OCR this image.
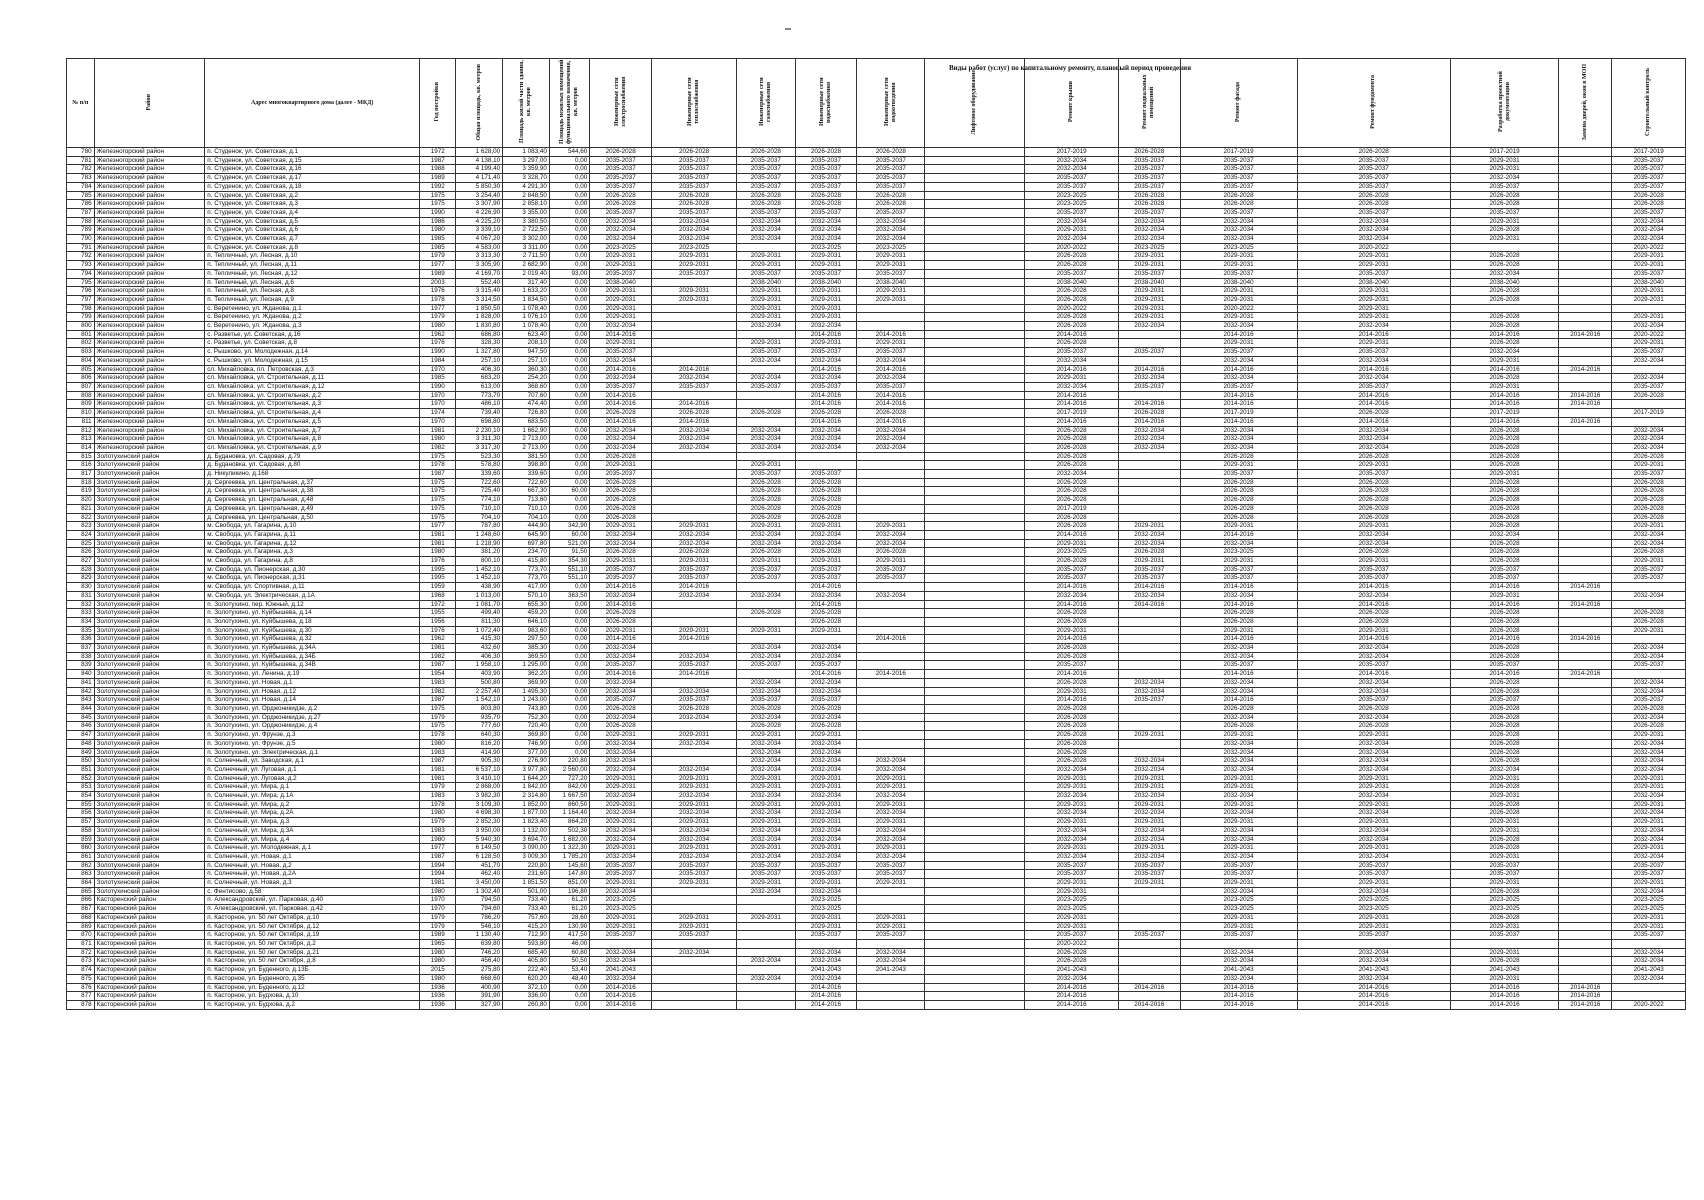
Виды работ (услуг) по капитальному ремонту, плановый период проведения
№ п/п	Район	Адрес многоквартирного дома (далее - МКД)	Год постройки	Общая площадь, кв. метров	Площадь жилой части здания, кв. метров	Площадь нежилых помещений функционального назначения, кв. метров	Инженерные сети электроснабжения	Инженерные сети теплоснабжения	Инженерные сети газоснабжения	Инженерные сети водоснабжения	Инженерные сети водоотведения	Лифтовое оборудование	Ремонт крыши	Ремонт подвальных помещений	Ремонт фасада	Ремонт фундамента	Разработка проектной документации	Замена дверей, окон в МОП	Строительный контроль
780	Железногорский район	п. Студенок, ул. Советская, д.1	1972	1 628,00	1 083,40	544,60	2026-2028	2026-2028	2026-2028	2026-2028	2026-2028		2017-2019	2026-2028	2017-2019	2026-2028	2017-2019		2017-2019
781	Железногорский район	п. Студенок, ул. Советская, д.15	1987	4 138,10	3 297,00	0,00	2035-2037	2035-2037	2035-2037	2035-2037	2035-2037		2032-2034	2035-2037	2035-2037	2035-2037	2029-2031		2035-2037
782	Железногорский район	п. Студенок, ул. Советская, д.16	1988	4 199,40	3 359,90	0,00	2035-2037	2035-2037	2035-2037	2035-2037	2035-2037		2032-2034	2035-2037	2035-2037	2035-2037	2029-2031		2035-2037
783	Железногорский район	п. Студенок, ул. Советская, д.17	1989	4 171,40	3 328,70	0,00	2035-2037	2035-2037	2035-2037	2035-2037	2035-2037		2035-2037	2035-2037	2035-2037	2035-2037	2032-2034		2035-2037
784	Железногорский район	п. Студенок, ул. Советская, д.18	1992	5 850,30	4 291,30	0,00	2035-2037	2035-2037	2035-2037	2035-2037	2035-2037		2035-2037	2035-2037	2035-2037	2035-2037	2035-2037		2035-2037
785	Железногорский район	п. Студенок, ул. Советская, д.2	1975	3 254,40	2 848,50	0,00	2026-2028	2026-2028	2026-2028	2026-2028	2026-2028		2023-2025	2026-2028	2026-2028	2026-2028	2026-2028		2026-2028
786	Железногорский район	п. Студенок, ул. Советская, д.3	1975	3 307,90	2 858,10	0,00	2026-2028	2026-2028	2026-2028	2026-2028	2026-2028		2023-2025	2026-2028	2026-2028	2026-2028	2026-2028		2026-2028
787	Железногорский район	п. Студенок, ул. Советская, д.4	1990	4 226,90	3 355,00	0,00	2035-2037	2035-2037	2035-2037	2035-2037	2035-2037		2035-2037	2035-2037	2035-2037	2035-2037	2035-2037		2035-2037
788	Железногорский район	п. Студенок, ул. Советская, д.5	1986	4 225,20	3 380,50	0,00	2032-2034	2032-2034	2032-2034	2032-2034	2032-2034		2032-2034	2032-2034	2032-2034	2032-2034	2029-2031		2032-2034
789	Железногорский район	п. Студенок, ул. Советская, д.6	1980	3 339,10	2 722,50	0,00	2032-2034	2032-2034	2032-2034	2032-2034	2032-2034		2029-2031	2032-2034	2032-2034	2032-2034	2026-2028		2032-2034
790	Железногорский район	п. Студенок, ул. Советская, д.7	1985	4 067,20	3 302,00	0,00	2032-2034	2032-2034	2032-2034	2032-2034	2032-2034		2032-2034	2032-2034	2032-2034	2032-2034	2029-2031		2032-2034
791	Железногорский район	п. Студенок, ул. Советская, д.8	1985	4 583,00	3 311,00	0,00	2023-2025	2023-2025		2023-2025	2023-2025		2020-2022	2023-2025	2023-2025	2020-2022			2020-2022
792	Железногорский район	п. Тепличный, ул. Лесная, д.10	1979	3 313,30	2 711,50	0,00	2029-2031	2029-2031	2029-2031	2029-2031	2029-2031		2026-2028	2029-2031	2029-2031	2029-2031	2026-2028		2029-2031
793	Железногорский район	п. Тепличный, ул. Лесная, д.11	1977	3 305,90	2 682,90	0,00	2029-2031	2029-2031	2029-2031	2029-2031	2029-2031		2026-2028	2029-2031	2029-2031	2029-2031	2026-2028		2029-2031
794	Железногорский район	п. Тепличный, ул. Лесная, д.12	1989	4 169,70	2 019,40	93,00	2035-2037	2035-2037	2035-2037	2035-2037	2035-2037		2035-2037	2035-2037	2035-2037	2035-2037	2032-2034		2035-2037
795	Железногорский район	п. Тепличный, ул. Лесная, д.6	2003	552,40	317,40	0,00	2038-2040		2038-2040	2038-2040	2038-2040		2038-2040	2038-2040	2038-2040	2038-2040	2038-2040		2038-2040
796	Железногорский район	п. Тепличный, ул. Лесная, д.8	1976	3 315,40	1 633,20	0,00	2029-2031	2029-2031	2029-2031	2029-2031	2029-2031		2026-2028	2029-2031	2029-2031	2029-2031	2026-2028		2029-2031
797	Железногорский район	п. Тепличный, ул. Лесная, д.9	1978	3 314,50	1 834,50	0,00	2029-2031	2029-2031	2029-2031	2029-2031	2029-2031		2026-2028	2029-2031	2029-2031	2029-2031	2026-2028		2029-2031
798	Железногорский район	с. Веретенино, ул. Жданова, д.1	1977	1 850,50	1 078,40	0,00	2029-2031		2029-2031	2029-2031			2020-2022	2029-2031	2020-2022	2029-2031			
799	Железногорский район	с. Веретенино, ул. Жданова, д.2	1979	1 828,00	1 076,10	0,00	2029-2031		2029-2031	2029-2031			2026-2028	2029-2031	2029-2031	2029-2031	2026-2028		2029-2031
800	Железногорский район	с. Веретенино, ул. Жданова, д.3	1980	1 830,80	1 078,40	0,00	2032-2034		2032-2034	2032-2034			2026-2028	2032-2034	2032-2034	2032-2034	2026-2028		2032-2034
801	Железногорский район	с. Разветье, ул. Советская, д.16	1962	686,80	623,40	0,00	2014-2016			2014-2016	2014-2016		2014-2016		2014-2016	2014-2016	2014-2016	2014-2016	2020-2022
802	Железногорский район	с. Разветье, ул. Советская, д.8	1976	328,30	208,10	0,00	2029-2031		2029-2031	2029-2031	2029-2031		2026-2028		2029-2031	2029-2031	2026-2028		2029-2031
803	Железногорский район	с. Рышково, ул. Молодежная, д.14	1990	1 327,80	947,50	0,00	2035-2037		2035-2037	2035-2037	2035-2037		2035-2037	2035-2037	2035-2037	2035-2037	2032-2034		2035-2037
804	Железногорский район	с. Рышково, ул. Молодежная, д.15	1984	257,10	257,10	0,00	2032-2034		2032-2034	2032-2034	2032-2034		2032-2034		2032-2034	2032-2034	2029-2031		2032-2034
805	Железногорский район	сл. Михайловка, пл. Петровская, д.3	1970	406,30	360,30	0,00	2014-2016	2014-2016		2014-2016	2014-2016		2014-2016	2014-2016	2014-2016	2014-2016	2014-2016	2014-2016	
806	Железногорский район	сл. Михайловка, ул. Строительная, д.11	1985	683,20	254,20	0,00	2032-2034	2032-2034	2032-2034	2032-2034	2032-2034		2029-2031	2032-2034	2032-2034	2032-2034	2026-2028		2032-2034
807	Железногорский район	сл. Михайловка, ул. Строительная, д.12	1990	613,00	368,60	0,00	2035-2037	2035-2037	2035-2037	2035-2037	2035-2037		2032-2034	2035-2037	2035-2037	2035-2037	2029-2031		2035-2037
808	Железногорский район	сл. Михайловка, ул. Строительная, д.2	1970	773,70	707,60	0,00	2014-2016			2014-2016	2014-2016		2014-2016		2014-2016	2014-2016	2014-2016	2014-2016	2026-2028
809	Железногорский район	сл. Михайловка, ул. Строительная, д.3	1970	486,10	474,40	0,00	2014-2016	2014-2016		2014-2016	2014-2016		2014-2016	2014-2016	2014-2016	2014-2016	2014-2016	2014-2016	
810	Железногорский район	сл. Михайловка, ул. Строительная, д.4	1974	739,40	726,80	0,00	2026-2028	2026-2028	2026-2028	2026-2028	2026-2028		2017-2019	2026-2028	2017-2019	2026-2028	2017-2019		2017-2019
811	Железногорский район	сл. Михайловка, ул. Строительная, д.5	1970	698,80	683,50	0,00	2014-2016	2014-2016		2014-2016	2014-2016		2014-2016	2014-2016	2014-2016	2014-2016	2014-2016	2014-2016	
812	Железногорский район	сл. Михайловка, ул. Строительная, д.7	1981	2 230,10	1 662,90	0,00	2032-2034	2032-2034	2032-2034	2032-2034	2032-2034		2026-2028	2032-2034	2032-2034	2032-2034	2026-2028		2032-2034
813	Железногорский район	сл. Михайловка, ул. Строительная, д.8	1980	3 311,30	2 713,00	0,00	2032-2034	2032-2034	2032-2034	2032-2034	2032-2034		2026-2028	2032-2034	2032-2034	2032-2034	2026-2028		2032-2034
814	Железногорский район	сл. Михайловка, ул. Строительная, д.9	1982	3 317,30	2 713,00	0,00	2032-2034	2032-2034	2032-2034	2032-2034	2032-2034		2026-2028	2032-2034	2032-2034	2032-2034	2026-2028		2032-2034
815	Золотухинский район	д. Будановка, ул. Садовая, д.79	1975	523,30	381,50	0,00	2026-2028						2026-2028		2026-2028	2026-2028	2026-2028		2026-2028
816	Золотухинский район	д. Будановка, ул. Садовая, д.80	1978	578,80	398,80	0,00	2029-2031		2029-2031				2026-2028		2029-2031	2029-2031	2026-2028		2029-2031
817	Золотухинский район	д. Никуликино, д.168	1987	339,60	339,60	0,00	2035-2037		2035-2037	2035-2037			2032-2034		2035-2037	2035-2037	2029-2031		2035-2037
818	Золотухинский район	д. Сергеевка, ул. Центральная, д.37	1975	722,60	722,60	0,00	2026-2028		2026-2028	2026-2028			2026-2028		2026-2028	2026-2028	2026-2028		2026-2028
819	Золотухинский район	д. Сергеевка, ул. Центральная, д.38	1975	725,40	667,30	60,00	2026-2028		2026-2028	2026-2028			2026-2028		2026-2028	2026-2028	2026-2028		2026-2028
820	Золотухинский район	д. Сергеевка, ул. Центральная, д.48	1975	774,10	713,60	0,00	2026-2028		2026-2028	2026-2028			2026-2028		2026-2028	2026-2028	2026-2028		2026-2028
821	Золотухинский район	д. Сергеевка, ул. Центральная, д.49	1975	710,10	710,10	0,00	2026-2028		2026-2028	2026-2028			2017-2019		2026-2028	2026-2028	2026-2028		2026-2028
822	Золотухинский район	д. Сергеевка, ул. Центральная, д.50	1975	704,10	704,10	0,00	2026-2028		2026-2028	2026-2028			2026-2028		2026-2028	2026-2028	2026-2028		2026-2028
823	Золотухинский район	м. Свобода, ул. Гагарина, д.10	1977	787,80	444,90	342,90	2029-2031	2029-2031	2029-2031	2029-2031	2029-2031		2026-2028	2029-2031	2029-2031	2029-2031	2026-2028		2029-2031
824	Золотухинский район	м. Свобода, ул. Гагарина, д.11	1981	1 248,60	645,90	60,00	2032-2034	2032-2034	2032-2034	2032-2034	2032-2034		2014-2016	2032-2034	2014-2016	2032-2034	2032-2034		2032-2034
825	Золотухинский район	м. Свобода, ул. Гагарина, д.12	1981	1 218,90	697,80	521,00	2032-2034	2032-2034	2032-2034	2032-2034	2032-2034		2029-2031	2032-2034	2032-2034	2032-2034	2026-2028		2032-2034
826	Золотухинский район	м. Свобода, ул. Гагарина, д.3	1980	381,20	234,70	91,50	2026-2028	2026-2028	2026-2028	2026-2028	2026-2028		2023-2025	2026-2028	2023-2025	2026-2028	2026-2028		2026-2028
827	Золотухинский район	м. Свобода, ул. Гагарина, д.8	1976	800,10	415,80	354,30	2029-2031	2029-2031	2029-2031	2029-2031	2029-2031		2026-2028	2029-2031	2029-2031	2029-2031	2026-2028		2029-2031
828	Золотухинский район	м. Свобода, ул. Пионерская, д.30	1995	1 452,10	773,70	551,10	2035-2037	2035-2037	2035-2037	2035-2037	2035-2037		2035-2037	2035-2037	2035-2037	2035-2037	2035-2037		2035-2037
829	Золотухинский район	м. Свобода, ул. Пионерская, д.31	1995	1 452,10	773,70	551,10	2035-2037	2035-2037	2035-2037	2035-2037	2035-2037		2035-2037	2035-2037	2035-2037	2035-2037	2035-2037		2035-2037
830	Золотухинский район	м. Свобода, ул. Спортивная, д.11	1959	438,90	417,00	0,00	2014-2016	2014-2016		2014-2016			2014-2016	2014-2016	2014-2016	2014-2016	2014-2016	2014-2016	
831	Золотухинский район	м. Свобода, ул. Электрическая, д.1А	1968	1 013,00	570,10	363,50	2032-2034	2032-2034	2032-2034	2032-2034	2032-2034		2032-2034	2032-2034	2032-2034	2032-2034	2029-2031		2032-2034
832	Золотухинский район	п. Золотухино, пер. Южный, д.12	1972	1 081,70	655,30	0,00	2014-2016			2014-2016			2014-2016	2014-2016	2014-2016	2014-2016	2014-2016	2014-2016	
833	Золотухинский район	п. Золотухино, ул. Куйбышева, д.14	1955	499,40	459,20	0,00	2026-2028		2026-2028	2026-2028			2026-2028		2026-2028	2026-2028	2026-2028		2026-2028
834	Золотухинский район	п. Золотухино, ул. Куйбышева, д.18	1956	811,30	646,10	0,00	2026-2028			2026-2028			2026-2028		2026-2028	2026-2028	2026-2028		2026-2028
835	Золотухинский район	п. Золотухино, ул. Куйбышева, д.30	1976	1 072,40	983,60	0,00	2029-2031	2029-2031	2029-2031	2029-2031			2029-2031		2029-2031	2029-2031	2026-2028		2029-2031
836	Золотухинский район	п. Золотухино, ул. Куйбышева, д.32	1962	415,30	297,50	0,00	2014-2016	2014-2016			2014-2016		2014-2016		2014-2016	2014-2016	2014-2016	2014-2016	
837	Золотухинский район	п. Золотухино, ул. Куйбышева, д.34А	1981	432,60	385,30	0,00	2032-2034		2032-2034	2032-2034			2026-2028		2032-2034	2032-2034	2026-2028		2032-2034
838	Золотухинский район	п. Золотухино, ул. Куйбышева, д.34Б	1982	406,30	369,50	0,00	2032-2034	2032-2034	2032-2034	2032-2034			2026-2028		2032-2034	2032-2034	2026-2028		2032-2034
839	Золотухинский район	п. Золотухино, ул. Куйбышева, д.34В	1987	1 958,10	1 295,00	0,00	2035-2037	2035-2037	2035-2037	2035-2037			2035-2037		2035-2037	2035-2037	2035-2037		2035-2037
840	Золотухинский район	п. Золотухино, ул. Ленина, д.19	1954	403,90	362,20	0,00	2014-2016	2014-2016		2014-2016	2014-2016		2014-2016		2014-2016	2014-2016	2014-2016	2014-2016	
841	Золотухинский район	п. Золотухино, ул. Новая, д.1	1983	500,80	369,90	0,00	2032-2034		2032-2034	2032-2034			2026-2028	2032-2034	2032-2034	2032-2034	2026-2028		2032-2034
842	Золотухинский район	п. Золотухино, ул. Новая, д.12	1982	2 257,40	1 495,30	0,00	2032-2034	2032-2034	2032-2034	2032-2034			2029-2031	2032-2034	2032-2034	2032-2034	2026-2028		2032-2034
843	Золотухинский район	п. Золотухино, ул. Новая, д.14	1987	1 542,10	1 243,00	0,00	2035-2037	2035-2037	2035-2037	2035-2037			2014-2016	2035-2037	2014-2016	2035-2037	2035-2037		2035-2037
844	Золотухинский район	п. Золотухино, ул. Орджоникидзе, д.2	1975	803,80	743,80	0,00	2026-2028	2026-2028	2026-2028	2026-2028			2026-2028		2026-2028	2026-2028	2026-2028		2026-2028
845	Золотухинский район	п. Золотухино, ул. Орджоникидзе, д.27	1979	935,70	752,30	0,00	2032-2034	2032-2034	2032-2034	2032-2034			2026-2028		2032-2034	2032-2034	2026-2028		2032-2034
846	Золотухинский район	п. Золотухино, ул. Орджоникидзе, д.4	1975	777,60	720,40	0,00	2026-2028		2026-2028	2026-2028			2026-2028		2026-2028	2026-2028	2026-2028		2026-2028
847	Золотухинский район	п. Золотухино, ул. Фрунзе, д.3	1978	640,30	369,80	0,00	2029-2031	2029-2031	2029-2031	2029-2031			2026-2028	2029-2031	2029-2031	2029-2031	2026-2028		2029-2031
848	Золотухинский район	п. Золотухино, ул. Фрунзе, д.5	1980	816,20	746,90	0,00	2032-2034	2032-2034	2032-2034	2032-2034			2026-2028		2032-2034	2032-2034	2026-2028		2032-2034
849	Золотухинский район	п. Золотухино, ул. Электрическая, д.1	1983	414,90	377,00	0,00	2032-2034		2032-2034	2032-2034			2026-2028		2032-2034	2032-2034	2026-2028		2032-2034
850	Золотухинский район	п. Солнечный, ул. Заводская, д.1	1987	905,30	276,90	220,80	2032-2034		2032-2034	2032-2034	2032-2034		2026-2028	2032-2034	2032-2034	2032-2034	2026-2028		2032-2034
851	Золотухинский район	п. Солнечный, ул. Луговая, д.1	1981	6 537,10	3 977,80	2 560,00	2032-2034	2032-2034	2032-2034	2032-2034	2032-2034		2032-2034	2032-2034	2032-2034	2032-2034	2032-2034		2032-2034
852	Золотухинский район	п. Солнечный, ул. Луговая, д.2	1981	3 410,10	1 644,20	727,20	2029-2031	2029-2031	2029-2031	2029-2031	2029-2031		2029-2031	2029-2031	2029-2031	2029-2031	2029-2031		2029-2031
853	Золотухинский район	п. Солнечный, ул. Мира, д.1	1979	2 868,00	1 842,00	842,00	2029-2031	2029-2031	2029-2031	2029-2031	2029-2031		2029-2031	2029-2031	2029-2031	2029-2031	2026-2028		2029-2031
854	Золотухинский район	п. Солнечный, ул. Мира, д.1А	1983	3 982,30	2 314,80	1 667,50	2032-2034	2032-2034	2032-2034	2032-2034	2032-2034		2032-2034	2032-2034	2032-2034	2032-2034	2029-2031		2032-2034
855	Золотухинский район	п. Солнечный, ул. Мира, д.2	1978	3 109,30	1 852,00	860,50	2029-2031	2029-2031	2029-2031	2029-2031	2029-2031		2029-2031	2029-2031	2029-2031	2029-2031	2026-2028		2029-2031
856	Золотухинский район	п. Солнечный, ул. Мира, д.2А	1980	4 698,30	1 877,00	1 164,40	2032-2034	2032-2034	2032-2034	2032-2034	2032-2034		2032-2034	2032-2034	2032-2034	2032-2034	2026-2028		2032-2034
857	Золотухинский район	п. Солнечный, ул. Мира, д.3	1979	2 852,30	1 823,40	864,20	2029-2031	2029-2031	2029-2031	2029-2031	2029-2031		2029-2031	2029-2031	2029-2031	2029-2031	2029-2031		2029-2031
858	Золотухинский район	п. Солнечный, ул. Мира, д.3А	1983	3 950,00	1 132,00	502,30	2032-2034	2032-2034	2032-2034	2032-2034	2032-2034		2032-2034	2032-2034	2032-2034	2032-2034	2029-2031		2032-2034
859	Золотухинский район	п. Солнечный, ул. Мира, д.4	1980	5 940,30	3 694,70	1 682,00	2032-2034	2032-2034	2032-2034	2032-2034	2032-2034		2032-2034	2032-2034	2032-2034	2032-2034	2026-2028		2032-2034
860	Золотухинский район	п. Солнечный, ул. Молодежная, д.1	1977	6 149,50	3 090,00	1 322,30	2029-2031	2029-2031	2029-2031	2029-2031	2029-2031		2029-2031	2029-2031	2029-2031	2029-2031	2026-2028		2029-2031
861	Золотухинский район	п. Солнечный, ул. Новая, д.1	1987	6 128,50	3 009,30	1 785,20	2032-2034	2032-2034	2032-2034	2032-2034	2032-2034		2032-2034	2032-2034	2032-2034	2032-2034	2029-2031		2032-2034
862	Золотухинский район	п. Солнечный, ул. Новая, д.2	1994	451,70	220,80	145,60	2035-2037	2035-2037	2035-2037	2035-2037	2035-2037		2035-2037	2035-2037	2035-2037	2035-2037	2035-2037		2035-2037
863	Золотухинский район	п. Солнечный, ул. Новая, д.2А	1994	462,40	231,60	147,80	2035-2037	2035-2037	2035-2037	2035-2037	2035-2037		2035-2037	2035-2037	2035-2037	2035-2037	2035-2037		2035-2037
864	Золотухинский район	п. Солнечный, ул. Новая, д.3	1981	3 450,00	1 851,50	851,00	2029-2031	2029-2031	2029-2031	2029-2031	2029-2031		2029-2031	2029-2031	2029-2031	2029-2031	2029-2031		2029-2031
865	Золотухинский район	с. Фентисово, д.58	1980	1 302,40	501,00	196,80	2032-2034		2032-2034	2032-2034			2029-2031		2032-2034	2032-2034	2026-2028		2032-2034
866	Касторенский район	п. Александровский, ул. Парковая, д.40	1970	794,50	733,40	61,20	2023-2025			2023-2025			2023-2025		2023-2025	2023-2025	2023-2025		2023-2025
867	Касторенский район	п. Александровский, ул. Парковая, д.42	1970	794,60	733,40	61,20	2023-2025			2023-2025			2023-2025		2023-2025	2023-2025	2023-2025		2023-2025
868	Касторенский район	п. Касторное, ул. 50 лет Октября, д.10	1979	786,20	757,60	28,60	2029-2031	2029-2031	2029-2031	2029-2031	2029-2031		2029-2031		2029-2031	2029-2031	2026-2028		2029-2031
869	Касторенский район	п. Касторное, ул. 50 лет Октября, д.12	1979	546,10	415,20	130,90	2029-2031	2029-2031		2029-2031	2029-2031		2029-2031		2029-2031	2029-2031	2029-2031		2029-2031
870	Касторенский район	п. Касторное, ул. 50 лет Октября, д.19	1989	1 130,40	712,90	417,50	2035-2037	2035-2037		2035-2037	2035-2037		2035-2037	2035-2037	2035-2037	2035-2037	2035-2037		2035-2037
871	Касторенский район	п. Касторное, ул. 50 лет Октября, д.2	1965	639,80	593,80	46,00							2020-2022						
872	Касторенский район	п. Касторное, ул. 50 лет Октября, д.21	1980	746,20	685,40	60,80	2032-2034	2032-2034		2032-2034	2032-2034		2026-2028		2032-2034	2032-2034	2029-2031		2032-2034
873	Касторенский район	п. Касторное, ул. 50 лет Октября, д.8	1980	456,40	405,80	50,50	2032-2034		2032-2034	2032-2034	2032-2034		2026-2028		2032-2034	2032-2034	2026-2028		2032-2034
874	Касторенский район	п. Касторное, ул. Буденного, д.13Б	2015	275,80	222,40	53,40	2041-2043			2041-2043	2041-2043		2041-2043		2041-2043	2041-2043	2041-2043		2041-2043
875	Касторенский район	п. Касторное, ул. Буденного, д.35	1980	668,60	620,20	48,40	2032-2034		2032-2034	2032-2034			2032-2034		2032-2034	2032-2034	2029-2031		2032-2034
876	Касторенский район	п. Касторное, ул. Буденного, д.12	1936	400,90	372,10	0,00	2014-2016			2014-2016			2014-2016	2014-2016	2014-2016	2014-2016	2014-2016	2014-2016	
877	Касторенский район	п. Касторное, ул. Будхова, д.10	1936	391,90	336,00	0,00	2014-2016			2014-2016			2014-2016		2014-2016	2014-2016	2014-2016	2014-2016	
878	Касторенский район	п. Касторное, ул. Будхова, д.2	1936	327,90	260,80	0,00	2014-2016			2014-2016			2014-2016	2014-2016	2014-2016	2014-2016	2014-2016	2014-2016	2020-2022
